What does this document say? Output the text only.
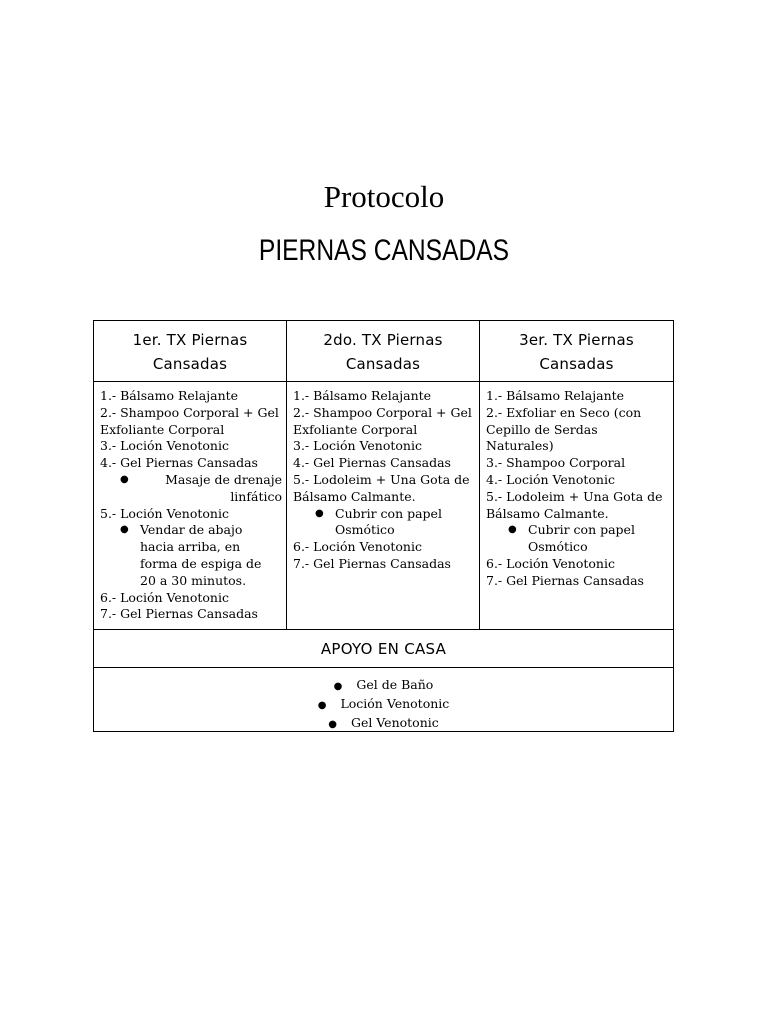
Protocolo
PIERNAS CANSADAS
1er. TX Piernas Cansadas
2do. TX Piernas Cansadas
3er. TX Piernas Cansadas
1.- Bálsamo Relajante
2.- Shampoo Corporal + Gel Exfoliante Corporal
3.- Loción Venotonic
4.- Gel Piernas Cansadas
●	Masaje de drenaje linfático
5.- Loción Venotonic
● Vendar de abajo hacia arriba, en forma de espiga de 20 a 30 minutos.
6.- Loción Venotonic
7.- Gel Piernas Cansadas
1.- Bálsamo Relajante
2.- Shampoo Corporal + Gel Exfoliante Corporal
3.- Loción Venotonic
4.- Gel Piernas Cansadas
5.- Lodoleim + Una Gota de Bálsamo Calmante.
● Cubrir con papel Osmótico
6.- Loción Venotonic
7.- Gel Piernas Cansadas
1.- Bálsamo Relajante
2.- Exfoliar en Seco (con Cepillo de Serdas Naturales)
3.- Shampoo Corporal
4.- Loción Venotonic
5.- Lodoleim + Una Gota de Bálsamo Calmante.
● Cubrir con papel Osmótico
6.- Loción Venotonic
7.- Gel Piernas Cansadas
APOYO EN CASA
● Gel de Baño
● Loción Venotonic
● Gel Venotonic
